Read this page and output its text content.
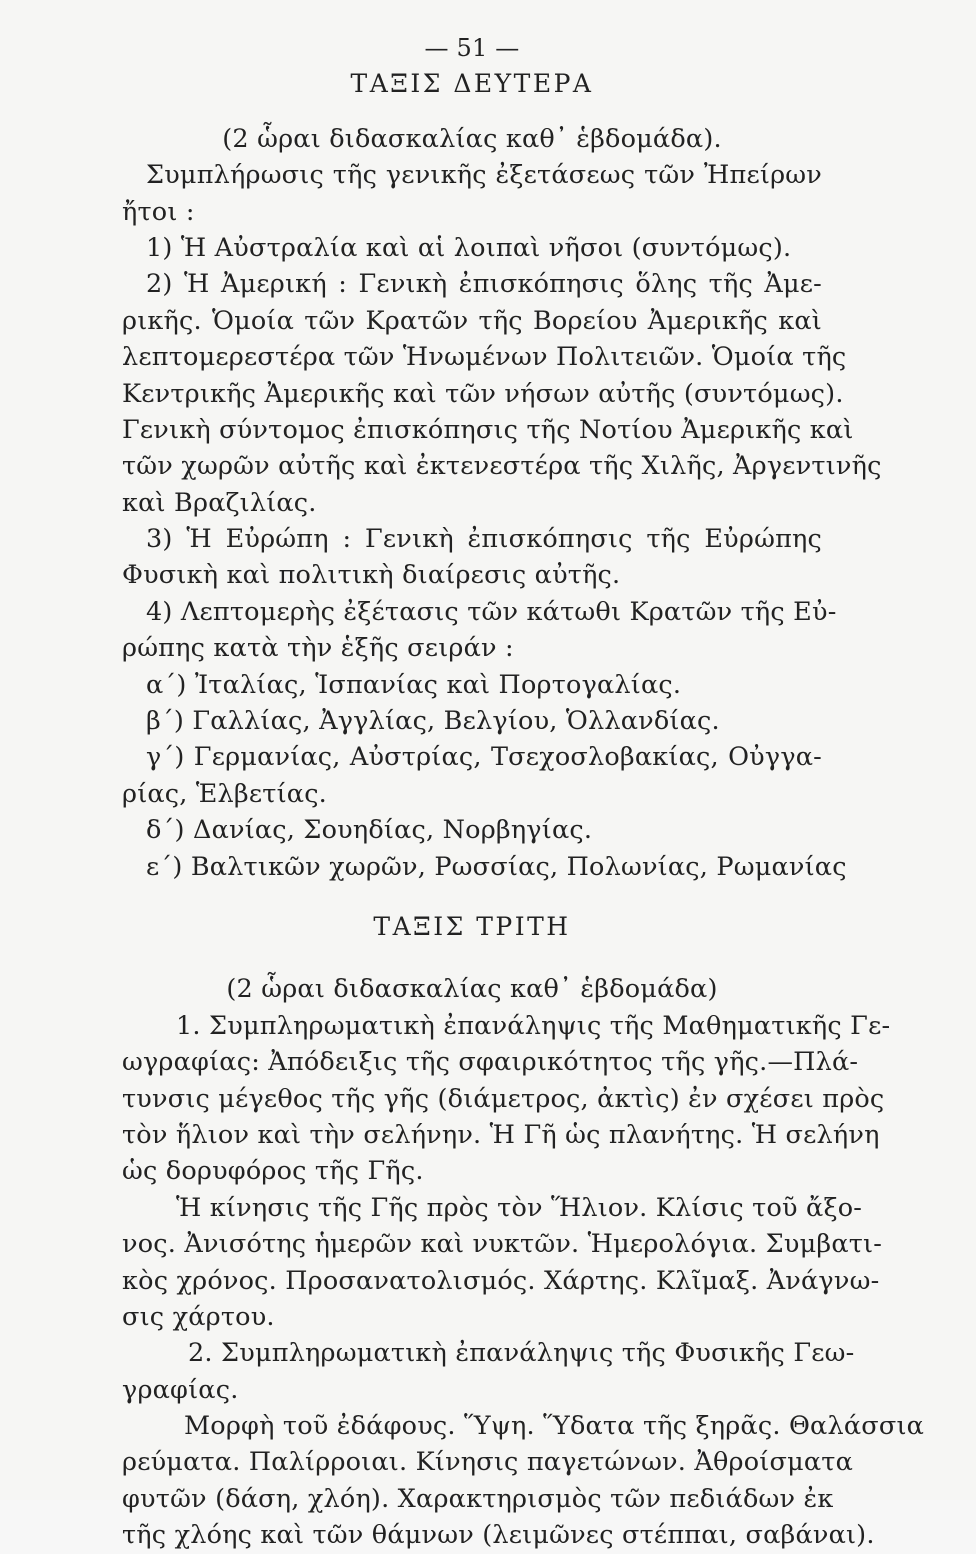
— 51 —
ΤΑΞΙΣ ΔΕΥΤΕΡΑ
(2 ὧραι διδασκαλίας καθ᾿ ἑβδομάδα).
Συμπλήρωσις τῆς γενικῆς ἐξετάσεως τῶν Ἠπείρων
ἤτοι :
1) Ἡ Αὐστραλία καὶ αἱ λοιπαὶ νῆσοι (συντόμως).
2) Ἡ Ἀμερική : Γενικὴ ἐπισκόπησις ὅλης τῆς Ἀμε-
ρικῆς. Ὁμοία τῶν Κρατῶν τῆς Βορείου Ἀμερικῆς καὶ
λεπτομερεστέρα τῶν Ἡνωμένων Πολιτειῶν. Ὁμοία τῆς
Κεντρικῆς Ἀμερικῆς καὶ τῶν νήσων αὐτῆς (συντόμως).
Γενικὴ σύντομος ἐπισκόπησις τῆς Νοτίου Ἀμερικῆς καὶ
τῶν χωρῶν αὐτῆς καὶ ἐκτενεστέρα τῆς Χιλῆς, Ἀργεντινῆς
καὶ Βραζιλίας.
3) Ἡ Εὐρώπη : Γενικὴ ἐπισκόπησις τῆς Εὐρώπης
Φυσικὴ καὶ πολιτικὴ διαίρεσις αὐτῆς.
4) Λεπτομερὴς ἐξέτασις τῶν κάτωθι Κρατῶν τῆς Εὐ-
ρώπης κατὰ τὴν ἑξῆς σειράν :
α΄) Ἰταλίας, Ἱσπανίας καὶ Πορτογαλίας.
β΄) Γαλλίας, Ἀγγλίας, Βελγίου, Ὁλλανδίας.
γ΄) Γερμανίας, Αὐστρίας, Τσεχοσλοβακίας, Οὐγγα-
ρίας, Ἑλβετίας.
δ΄) Δανίας, Σουηδίας, Νορβηγίας.
ε΄) Βαλτικῶν χωρῶν, Ρωσσίας, Πολωνίας, Ρωμανίας
ΤΑΞΙΣ ΤΡΙΤΗ
(2 ὧραι διδασκαλίας καθ᾿ ἑβδομάδα)
1. Συμπληρωματικὴ ἐπανάληψις τῆς Μαθηματικῆς Γε-
ωγραφίας: Ἀπόδειξις τῆς σφαιρικότητος τῆς γῆς.—Πλά-
τυνσις μέγεθος τῆς γῆς (διάμετρος, ἀκτὶς) ἐν σχέσει πρὸς
τὸν ἥλιον καὶ τὴν σελήνην. Ἡ Γῆ ὡς πλανήτης. Ἡ σελήνη
ὡς δορυφόρος τῆς Γῆς.
Ἡ κίνησις τῆς Γῆς πρὸς τὸν Ἥλιον. Κλίσις τοῦ ἄξο-
νος. Ἀνισότης ἡμερῶν καὶ νυκτῶν. Ἡμερολόγια. Συμβατι-
κὸς χρόνος. Προσανατολισμός. Χάρτης. Κλῖμαξ. Ἀνάγνω-
σις χάρτου.
2. Συμπληρωματικὴ ἐπανάληψις τῆς Φυσικῆς Γεω-
γραφίας.
Μορφὴ τοῦ ἐδάφους. Ὕψη. Ὕδατα τῆς ξηρᾶς. Θαλάσσια
ρεύματα. Παλίρροιαι. Κίνησις παγετώνων. Ἀθροίσματα
φυτῶν (δάση, χλόη). Χαρακτηρισμὸς τῶν πεδιάδων ἐκ
τῆς χλόης καὶ τῶν θάμνων (λειμῶνες στέππαι, σαβάναι).
